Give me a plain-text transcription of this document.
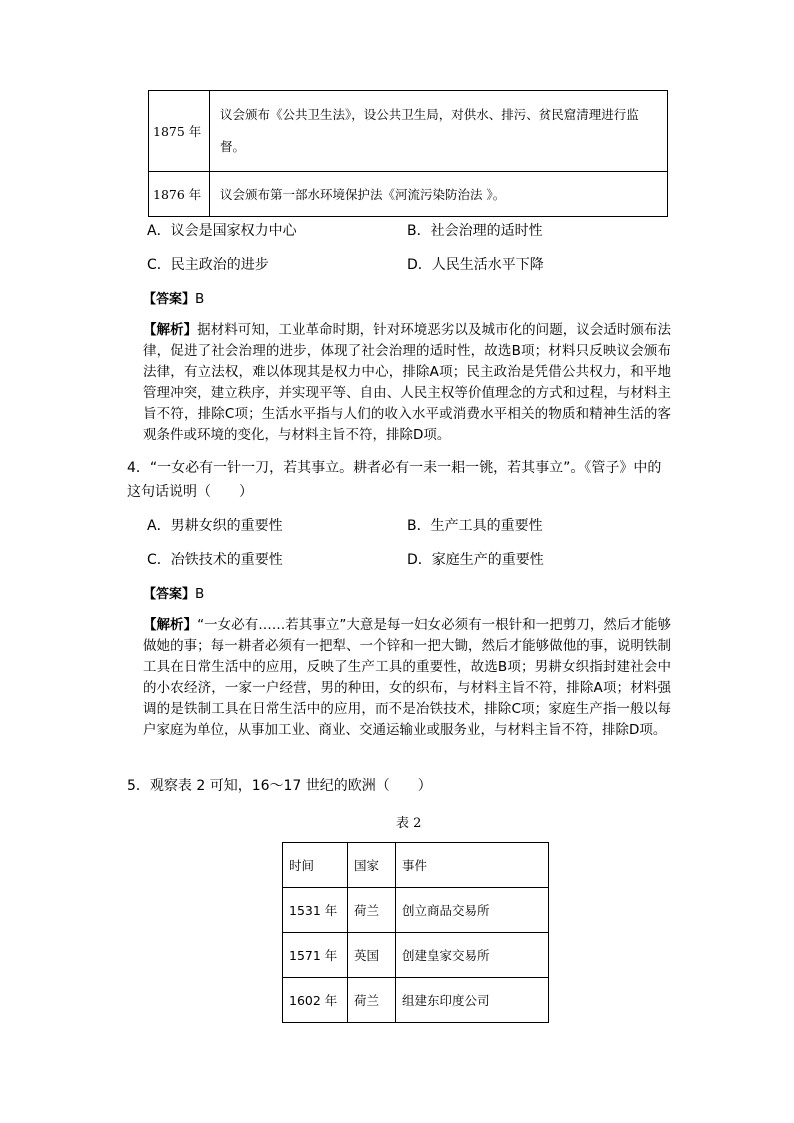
1875 年	议会颁布《公共卫生法》，设公共卫生局，对供水、排污、贫民窟清理进行监督。
1876 年	议会颁布第一部水环境保护法《河流污染防治法 》。
A．议会是国家权力中心	B．社会治理的适时性
C．民主政治的进步	D．人民生活水平下降
【答案】B
【解析】据材料可知，工业革命时期，针对环境恶劣以及城市化的问题，议会适时颁布法律，促进了社会治理的进步，体现了社会治理的适时性，故选B项；材料只反映议会颁布法律，有立法权，难以体现其是权力中心，排除A项；民主政治是凭借公共权力，和平地管理冲突，建立秩序，并实现平等、自由、人民主权等价值理念的方式和过程，与材料主旨不符，排除C项；生活水平指与人们的收入水平或消费水平相关的物质和精神生活的客观条件或环境的变化，与材料主旨不符，排除D项。
4．“一女必有一针一刀，若其事立。耕者必有一耒一耜一铫，若其事立”。《管子》中的这句话说明（　　）
A．男耕女织的重要性	B．生产工具的重要性
C．冶铁技术的重要性	D．家庭生产的重要性
【答案】B
【解析】“一女必有……若其事立”大意是每一妇女必须有一根针和一把剪刀，然后才能够做她的事；每一耕者必须有一把犁、一个锌和一把大锄，然后才能够做他的事，说明铁制工具在日常生活中的应用，反映了生产工具的重要性，故选B项；男耕女织指封建社会中的小农经济，一家一户经营，男的种田，女的织布，与材料主旨不符，排除A项；材料强调的是铁制工具在日常生活中的应用，而不是冶铁技术，排除C项；家庭生产指一般以每户家庭为单位，从事加工业、商业、交通运输业或服务业，与材料主旨不符，排除D项。
5．观察表 2 可知，16～17 世纪的欧洲（　　）
表 2
时间	国家	事件
1531 年	荷兰	创立商品交易所
1571 年	英国	创建皇家交易所
1602 年	荷兰	组建东印度公司
